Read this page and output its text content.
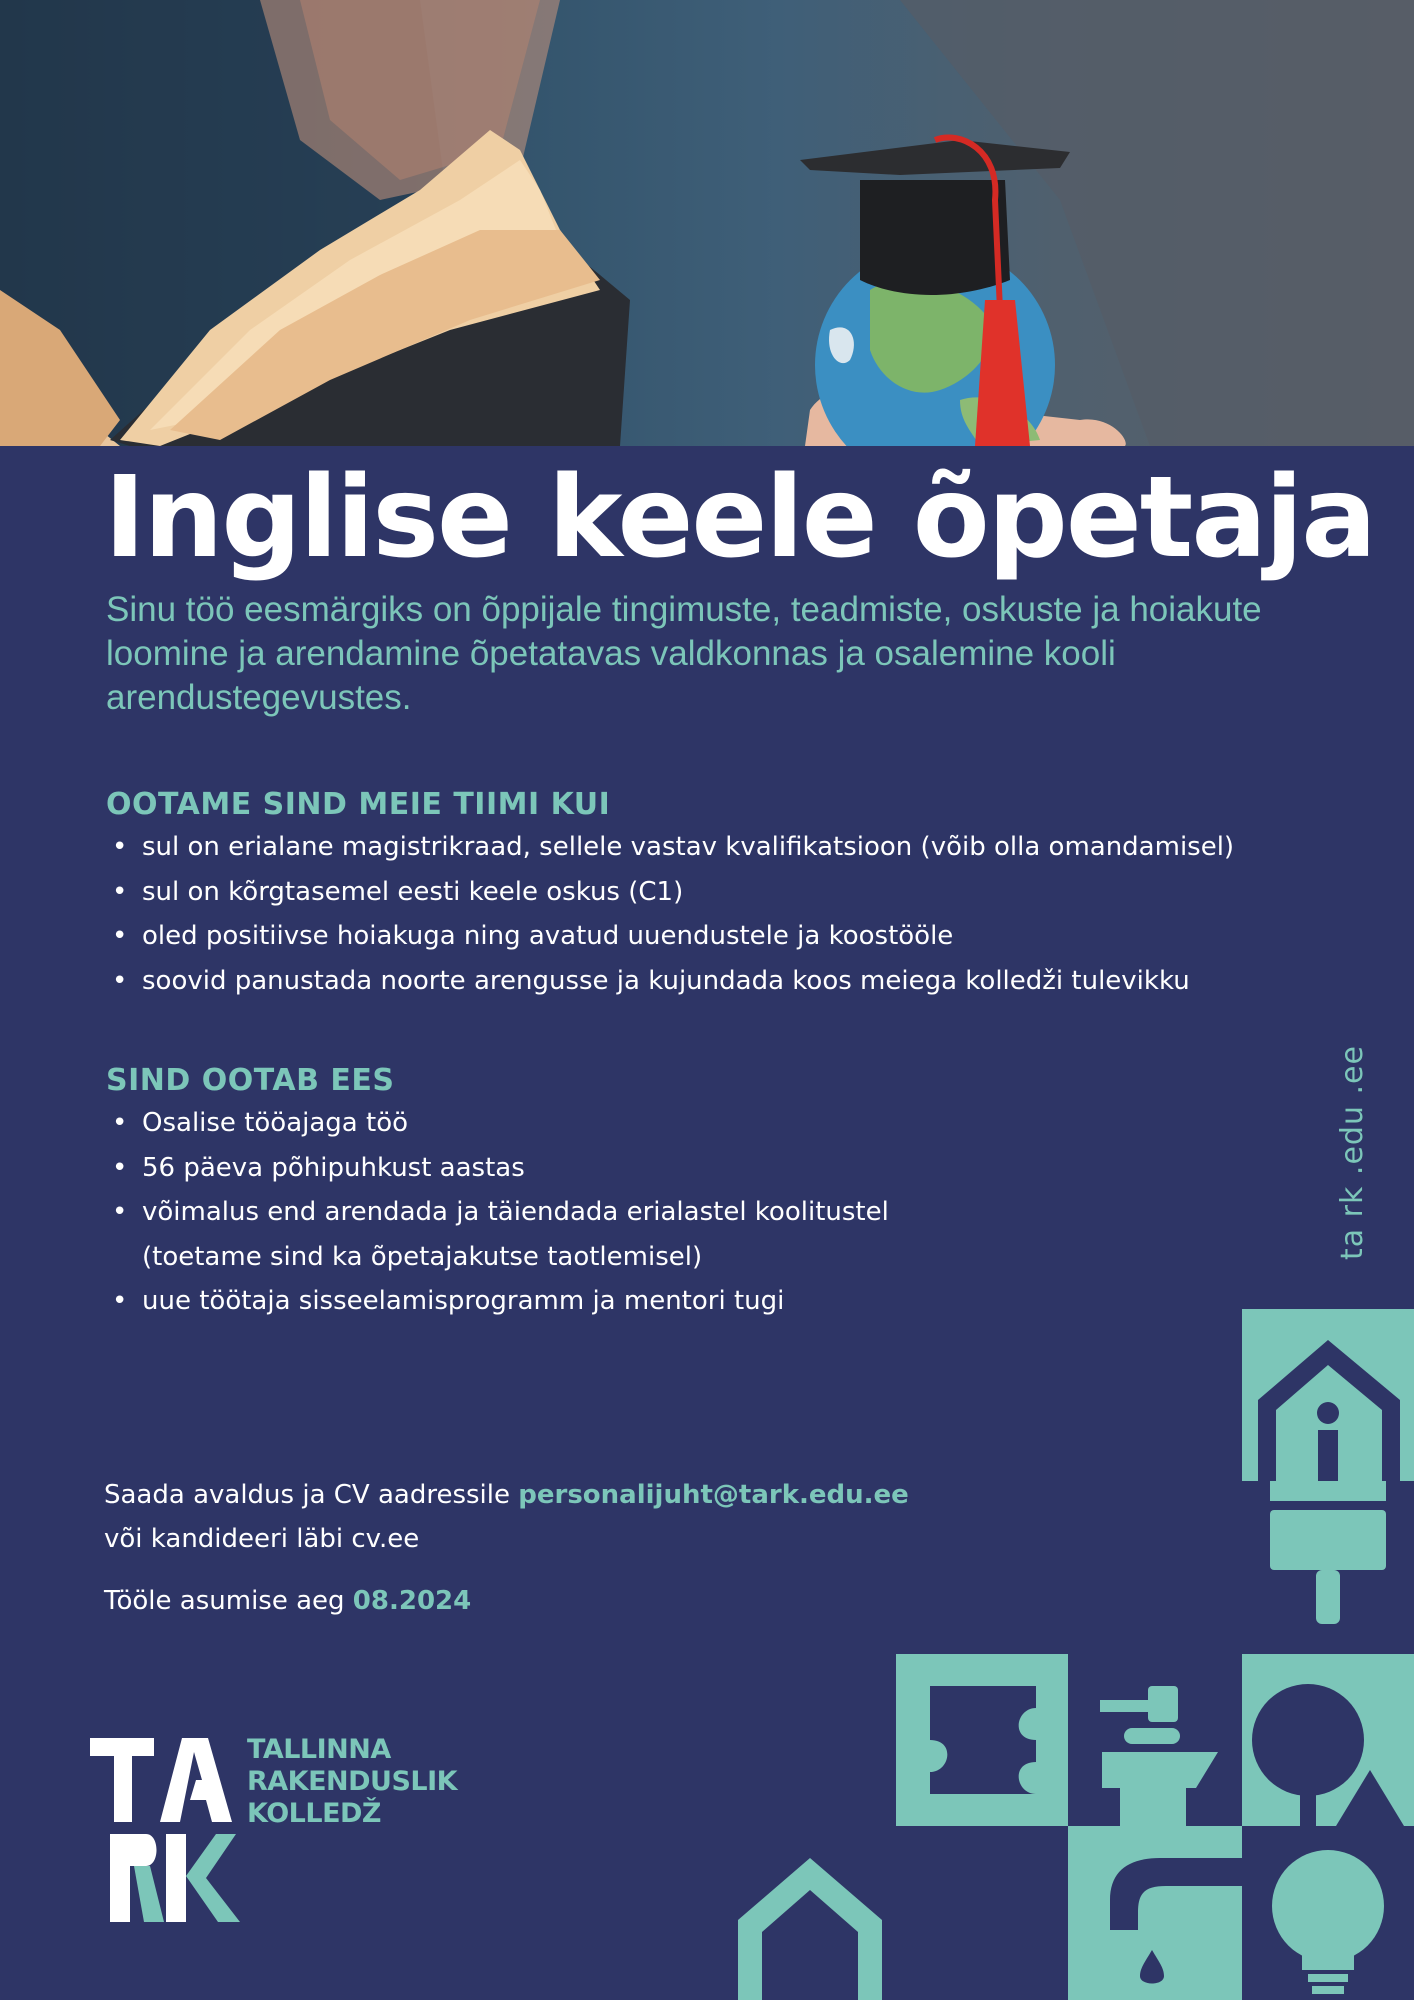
Inglise keele õpetaja

Sinu töö eesmärgiks on õppijale tingimuste, teadmiste, oskuste ja hoiakute loomine ja arendamine õpetatavas valdkonnas ja osalemine kooli arendustegevustes.

OOTAME SIND MEIE TIIMI KUI
• sul on erialane magistrikraad, sellele vastav kvalifikatsioon (võib olla omandamisel)
• sul on kõrgtasemel eesti keele oskus (C1)
• oled positiivse hoiakuga ning avatud uuendustele ja koostööle
• soovid panustada noorte arengusse ja kujundada koos meiega kolledži tulevikku
SIND OOTAB EES
• Osalise tööajaga töö
• 56 päeva põhipuhkust aastas
• võimalus end arendada ja täiendada erialastel koolitustel (toetame sind ka õpetajakutse taotlemisel)
• uue töötaja sisseelamisprogramm ja mentori tugi

Saada avaldus ja CV aadressile personalijuht@tark.edu.ee
või kandideeri läbi cv.ee

Tööle asumise aeg 08.2024

ta rk .edu .ee
TALLINNA
RAKENDUSLIK
KOLLEDŽ
